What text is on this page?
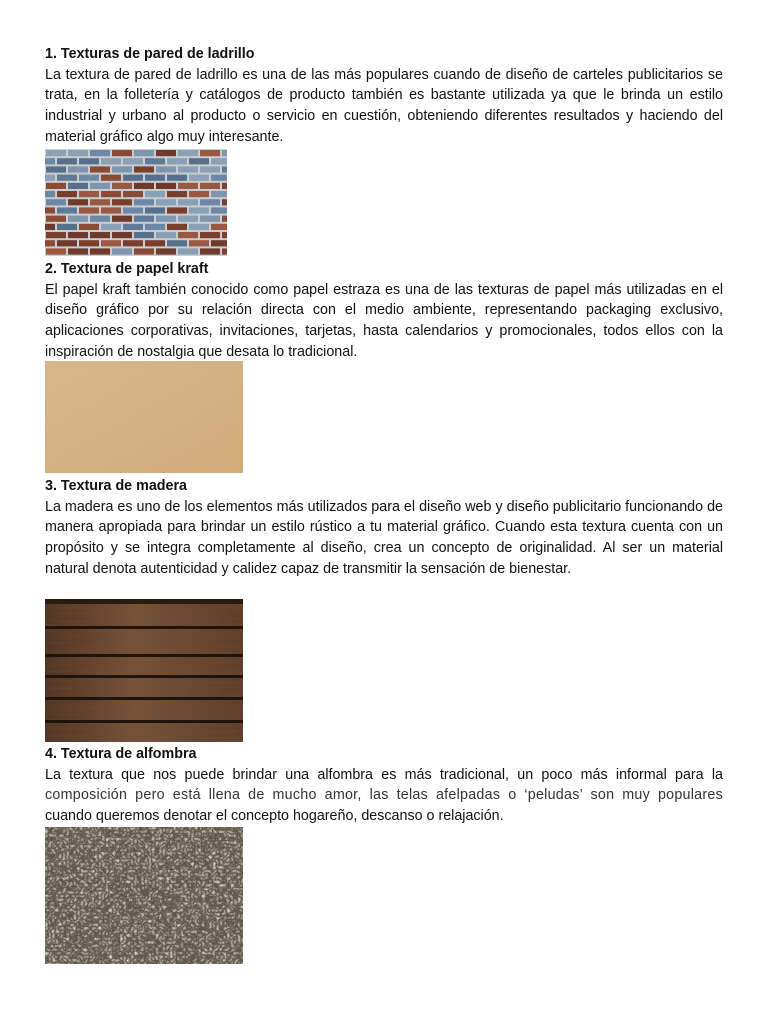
1. Texturas de pared de ladrillo

La textura de pared de ladrillo es una de las más populares cuando de diseño de carteles publicitarios se trata, en la folletería y catálogos de producto también es bastante utilizada ya que le brinda un estilo industrial y urbano al producto o servicio en cuestión, obteniendo diferentes resultados y haciendo del material gráfico algo muy interesante.

2. Textura de papel kraft

El papel kraft también conocido como papel estraza es una de las texturas de papel más utilizadas en el diseño gráfico por su relación directa con el medio ambiente, representando packaging exclusivo, aplicaciones corporativas, invitaciones, tarjetas, hasta calendarios y promocionales, todos ellos con la inspiración de nostalgia que desata lo tradicional.

3. Textura de madera

La madera es uno de los elementos más utilizados para el diseño web y diseño publicitario funcionando de manera apropiada para brindar un estilo rústico a tu material gráfico. Cuando esta textura cuenta con un propósito y se integra completamente al diseño, crea un concepto de originalidad. Al ser un material natural denota autenticidad y calidez capaz de transmitir la sensación de bienestar.

4. Textura de alfombra

La textura que nos puede brindar una alfombra es más tradicional, un poco más informal para la

composición pero está llena de mucho amor, las telas afelpadas o ‘peludas’ son muy populares

cuando queremos denotar el concepto hogareño, descanso o relajación.
